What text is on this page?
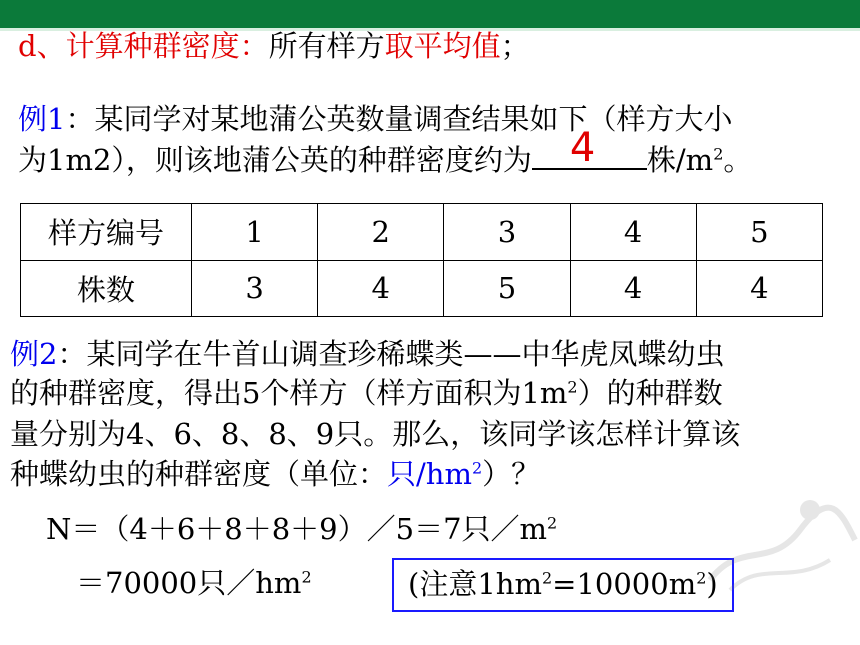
d、计算种群密度：所有样方取平均值；
例1：某同学对某地蒲公英数量调查结果如下（样方大小
为1m2），则该地蒲公英的种群密度约为 4 株$/m^2$。
样方编号	1	2	3	4	5
株数	3	4	5	4	4
例2：某同学在牛首山调查珍稀蝶类——中华虎凤蝶幼虫
的种群密度，得出5个样方（样方面积为$1m^2$）的种群数
量分别为4、6、8、8、9只。那么，该同学该怎样计算该
种蝶幼虫的种群密度（单位：只$/hm^2$）？
N＝（4＋6＋8＋8＋9）／5＝7只$/m^2$
＝70000只$/hm^2$	(注意$1hm^2=10000m^2$)
